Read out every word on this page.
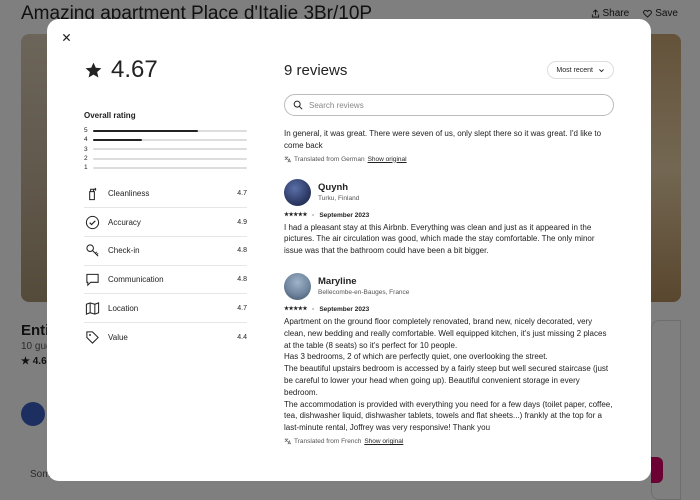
4.67
Overall rating
5
4
3
2
1
Cleanliness	4.7
Accuracy	4.9
Check-in	4.8
Communication	4.8
Location	4.7
Value	4.4
9 reviews	Most recent
Search reviews
In general, it was great. There were seven of us, only slept there so it was great. I'd like to come back
Translated from German Show original
Quynh
Turku, Finland
★★★★★ · September 2023
I had a pleasant stay at this Airbnb. Everything was clean and just as it appeared in the pictures. The air circulation was good, which made the stay comfortable. The only minor issue was that the bathroom could have been a bit bigger.
Maryline
Bellecombe-en-Bauges, France
★★★★★ · September 2023
Apartment on the ground floor completely renovated, brand new, nicely decorated, very clean, new bedding and really comfortable. Well equipped kitchen, it's just missing 2 places at the table (8 seats) so it's perfect for 10 people.
Has 3 bedrooms, 2 of which are perfectly quiet, one overlooking the street.
The beautiful upstairs bedroom is accessed by a fairly steep but well secured staircase (just be careful to lower your head when going up). Beautiful convenient storage in every bedroom.
The accommodation is provided with everything you need for a few days (toilet paper, coffee, tea, dishwasher liquid, dishwasher tablets, towels and flat sheets...) frankly at the top for a last-minute rental, Joffrey was very responsive! Thank you
Translated from French Show original
